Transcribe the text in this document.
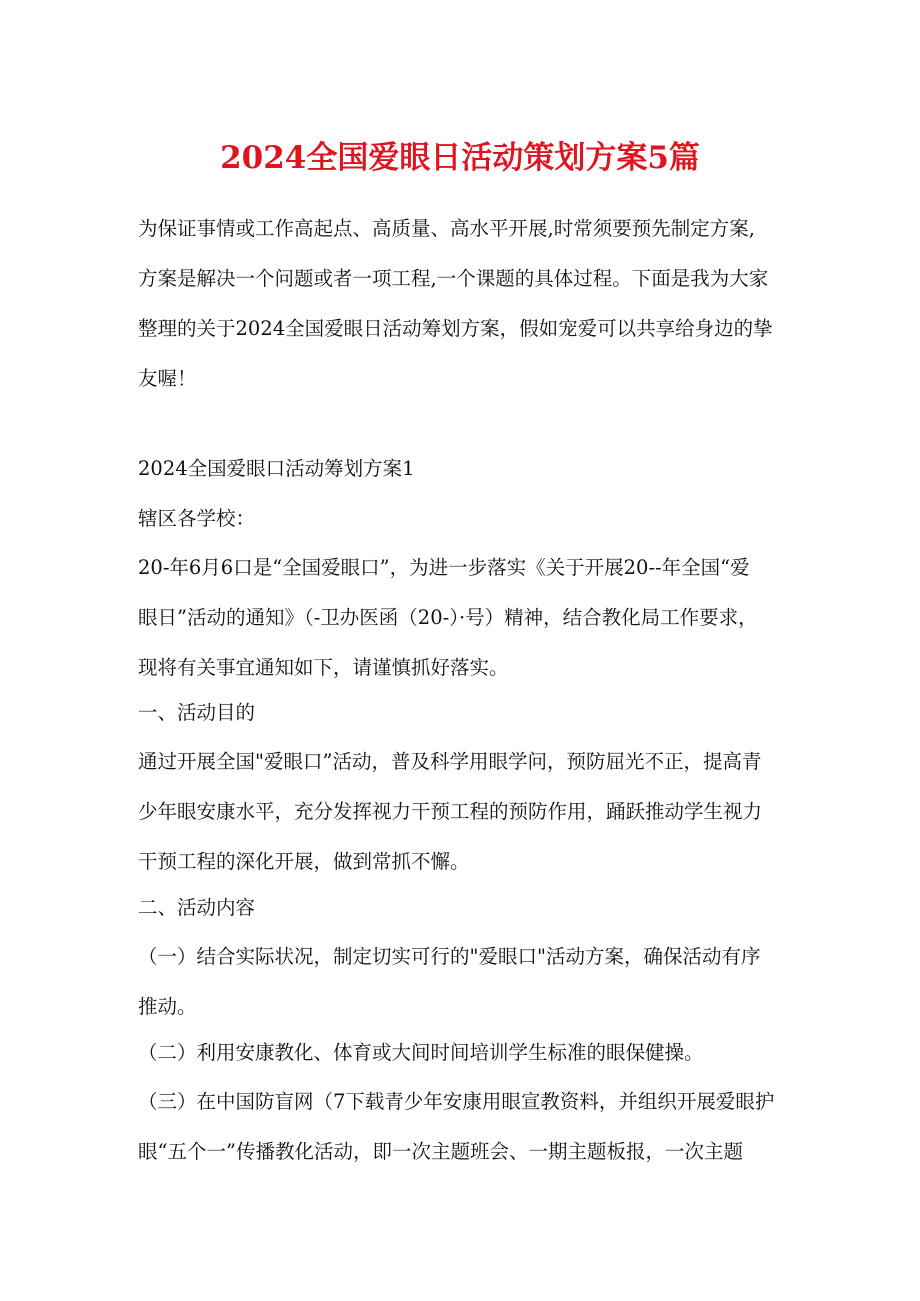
2024全国爱眼日活动策划方案5篇
为保证事情或工作高起点、高质量、高水平开展,时常须要预先制定方案,
方案是解决一个问题或者一项工程,一个课题的具体过程。下面是我为大家
整理的关于2024全国爱眼日活动筹划方案，假如宠爱可以共享给身边的挚
友喔！
2024全国爱眼口活动筹划方案1
辖区各学校：
20-年6月6口是“全国爱眼口”，为进一步落实《关于开展20--年全国“爱
眼日”活动的通知》（-卫办医函（20-）·号）精神，结合教化局工作要求，
现将有关事宜通知如下，请谨慎抓好落实。
一、活动目的
通过开展全国"爱眼口”活动，普及科学用眼学问，预防屈光不正，提高青
少年眼安康水平，充分发挥视力干预工程的预防作用，踊跃推动学生视力
干预工程的深化开展，做到常抓不懈。
二、活动内容
（一）结合实际状况，制定切实可行的"爱眼口"活动方案，确保活动有序
推动。
（二）利用安康教化、体育或大间时间培训学生标准的眼保健操。
（三）在中国防盲网（7下载青少年安康用眼宣教资料，并组织开展爱眼护
眼“五个一”传播教化活动，即一次主题班会、一期主题板报，一次主题
